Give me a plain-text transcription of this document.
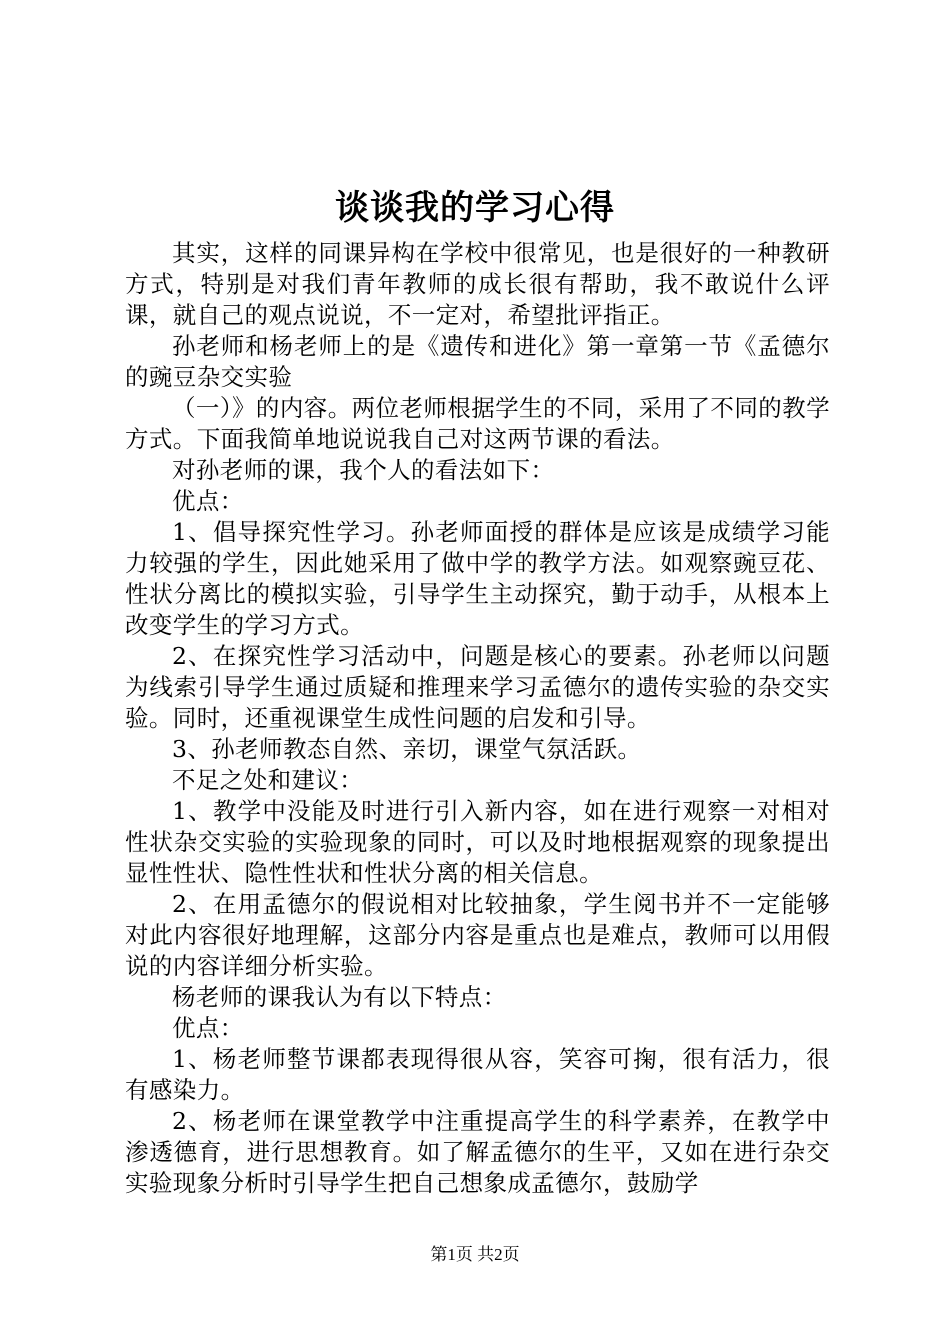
谈谈我的学习心得

其实，这样的同课异构在学校中很常见，也是很好的一种教研方式，特别是对我们青年教师的成长很有帮助，我不敢说什么评课，就自己的观点说说，不一定对，希望批评指正。

孙老师和杨老师上的是《遗传和进化》第一章第一节《孟德尔的豌豆杂交实验

（一）》的内容。两位老师根据学生的不同，采用了不同的教学方式。下面我简单地说说我自己对这两节课的看法。

对孙老师的课，我个人的看法如下：

优点：

1、倡导探究性学习。孙老师面授的群体是应该是成绩学习能力较强的学生，因此她采用了做中学的教学方法。如观察豌豆花、性状分离比的模拟实验，引导学生主动探究，勤于动手，从根本上改变学生的学习方式。

2、在探究性学习活动中，问题是核心的要素。孙老师以问题为线索引导学生通过质疑和推理来学习孟德尔的遗传实验的杂交实验。同时，还重视课堂生成性问题的启发和引导。

3、孙老师教态自然、亲切，课堂气氛活跃。

不足之处和建议：

1、教学中没能及时进行引入新内容，如在进行观察一对相对性状杂交实验的实验现象的同时，可以及时地根据观察的现象提出显性性状、隐性性状和性状分离的相关信息。

2、在用孟德尔的假说相对比较抽象，学生阅书并不一定能够对此内容很好地理解，这部分内容是重点也是难点，教师可以用假说的内容详细分析实验。

杨老师的课我认为有以下特点：

优点：

1、杨老师整节课都表现得很从容，笑容可掬，很有活力，很有感染力。

2、杨老师在课堂教学中注重提高学生的科学素养，在教学中渗透德育，进行思想教育。如了解孟德尔的生平，又如在进行杂交实验现象分析时引导学生把自己想象成孟德尔，鼓励学

第1页 共2页
